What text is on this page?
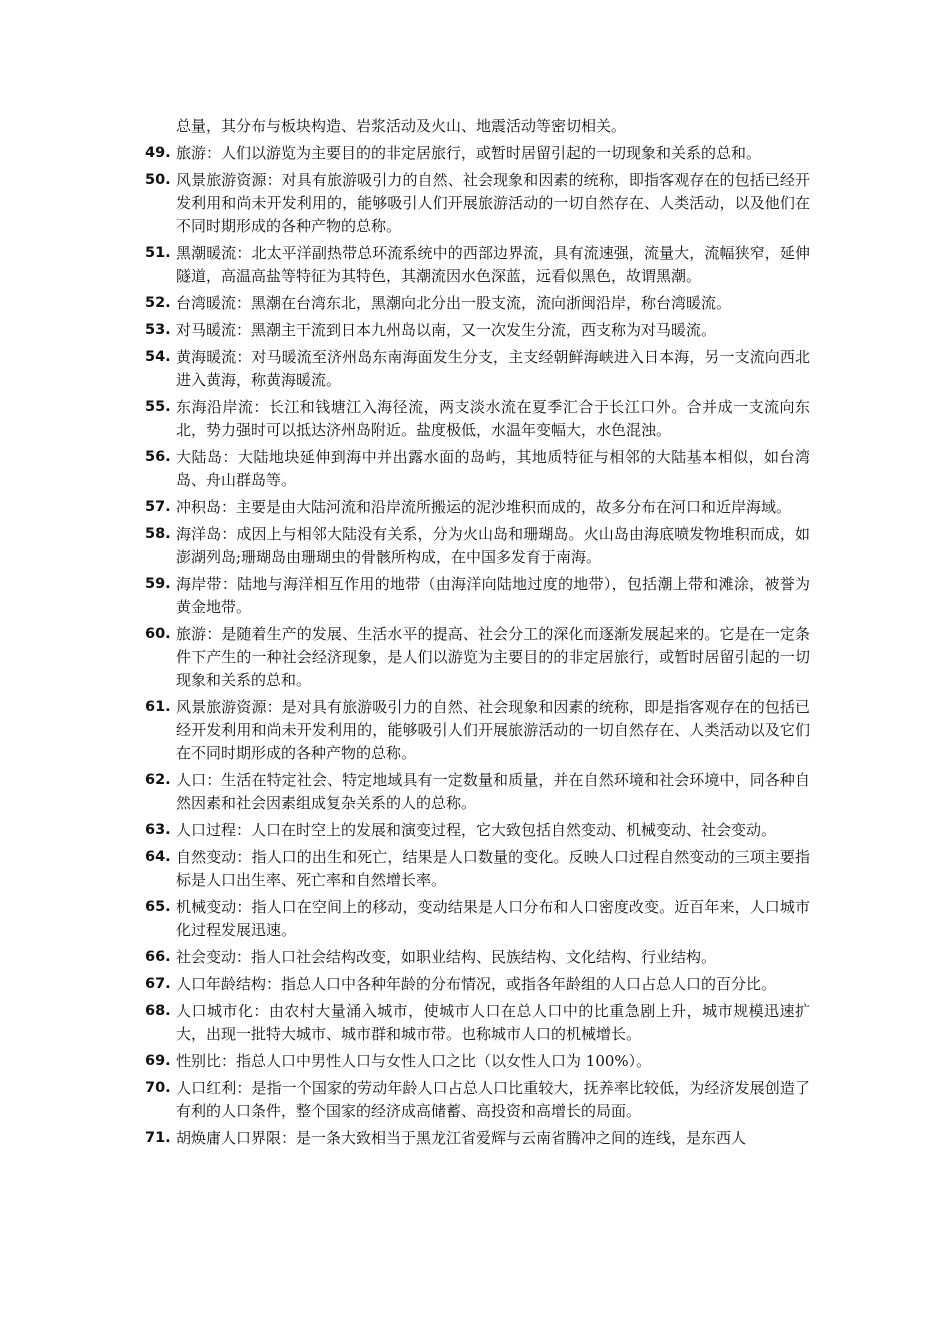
总量，其分布与板块构造、岩浆活动及火山、地震活动等密切相关。
49. 旅游：人们以游览为主要目的的非定居旅行，或暂时居留引起的一切现象和关系的总和。
50. 风景旅游资源：对具有旅游吸引力的自然、社会现象和因素的统称，即指客观存在的包括已经开发利用和尚未开发利用的，能够吸引人们开展旅游活动的一切自然存在、人类活动，以及他们在不同时期形成的各种产物的总称。
51. 黑潮暖流：北太平洋副热带总环流系统中的西部边界流，具有流速强，流量大，流幅狭窄，延伸隧道，高温高盐等特征为其特色，其潮流因水色深蓝，远看似黑色，故谓黑潮。
52. 台湾暖流：黑潮在台湾东北，黑潮向北分出一股支流，流向浙闽沿岸，称台湾暖流。
53. 对马暖流：黑潮主干流到日本九州岛以南，又一次发生分流，西支称为对马暖流。
54. 黄海暖流：对马暖流至济州岛东南海面发生分支，主支经朝鲜海峡进入日本海，另一支流向西北进入黄海，称黄海暖流。
55. 东海沿岸流：长江和钱塘江入海径流，两支淡水流在夏季汇合于长江口外。合并成一支流向东北，势力强时可以抵达济州岛附近。盐度极低，水温年变幅大，水色混浊。
56. 大陆岛：大陆地块延伸到海中并出露水面的岛屿，其地质特征与相邻的大陆基本相似，如台湾岛、舟山群岛等。
57. 冲积岛：主要是由大陆河流和沿岸流所搬运的泥沙堆积而成的，故多分布在河口和近岸海域。
58. 海洋岛：成因上与相邻大陆没有关系，分为火山岛和珊瑚岛。火山岛由海底喷发物堆积而成，如澎湖列岛;珊瑚岛由珊瑚虫的骨骸所构成，在中国多发育于南海。
59. 海岸带：陆地与海洋相互作用的地带（由海洋向陆地过度的地带），包括潮上带和滩涂，被誉为黄金地带。
60. 旅游：是随着生产的发展、生活水平的提高、社会分工的深化而逐渐发展起来的。它是在一定条件下产生的一种社会经济现象，是人们以游览为主要目的的非定居旅行，或暂时居留引起的一切现象和关系的总和。
61. 风景旅游资源：是对具有旅游吸引力的自然、社会现象和因素的统称，即是指客观存在的包括已经开发利用和尚未开发利用的，能够吸引人们开展旅游活动的一切自然存在、人类活动以及它们在不同时期形成的各种产物的总称。
62. 人口：生活在特定社会、特定地域具有一定数量和质量，并在自然环境和社会环境中，同各种自然因素和社会因素组成复杂关系的人的总称。
63. 人口过程：人口在时空上的发展和演变过程，它大致包括自然变动、机械变动、社会变动。
64. 自然变动：指人口的出生和死亡，结果是人口数量的变化。反映人口过程自然变动的三项主要指标是人口出生率、死亡率和自然增长率。
65. 机械变动：指人口在空间上的移动，变动结果是人口分布和人口密度改变。近百年来，人口城市化过程发展迅速。
66. 社会变动：指人口社会结构改变，如职业结构、民族结构、文化结构、行业结构。
67. 人口年龄结构：指总人口中各种年龄的分布情况，或指各年龄组的人口占总人口的百分比。
68. 人口城市化：由农村大量涌入城市，使城市人口在总人口中的比重急剧上升，城市规模迅速扩大，出现一批特大城市、城市群和城市带。也称城市人口的机械增长。
69. 性别比：指总人口中男性人口与女性人口之比（以女性人口为 100%）。
70. 人口红利：是指一个国家的劳动年龄人口占总人口比重较大，抚养率比较低，为经济发展创造了有利的人口条件，整个国家的经济成高储蓄、高投资和高增长的局面。
71. 胡焕庸人口界限：是一条大致相当于黑龙江省爱辉与云南省腾冲之间的连线，是东西人
